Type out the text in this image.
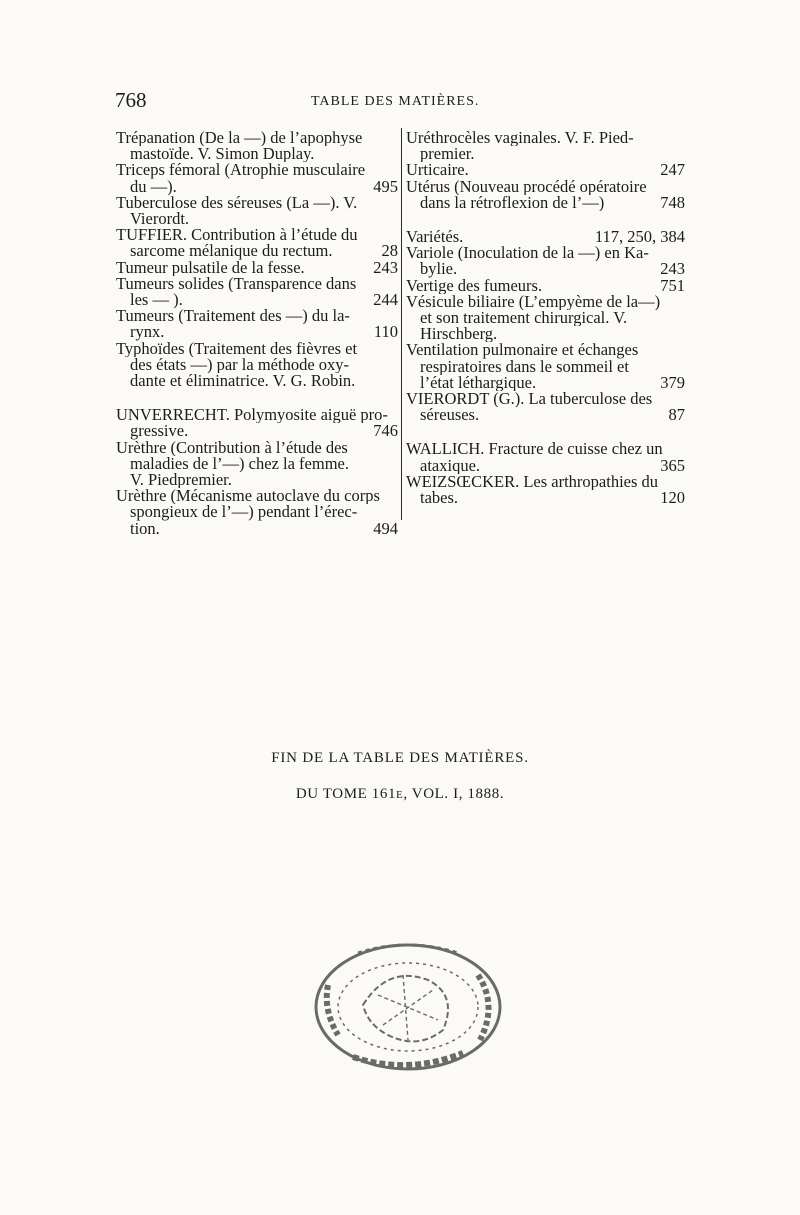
768	TABLE DES MATIÈRES.
Trépanation (De la —) de l’apophyse
mastoïde. V. Simon Duplay.
Triceps fémoral (Atrophie musculaire
du —).	495
Tuberculose des séreuses (La —). V.
Vierordt.
TUFFIER. Contribution à l’étude du
sarcome mélanique du rectum.	28
Tumeur pulsatile de la fesse.	243
Tumeurs solides (Transparence dans
les — ).	244
Tumeurs (Traitement des —) du la-
rynx.	110
Typhoïdes (Traitement des fièvres et
des états —) par la méthode oxy-
dante et éliminatrice. V. G. Robin.
UNVERRECHT. Polymyosite aiguë pro-
gressive.	746
Urèthre (Contribution à l’étude des
maladies de l’—) chez la femme.
V. Piedpremier.
Urèthre (Mécanisme autoclave du corps
spongieux de l’—) pendant l’érec-
tion.	494
Uréthrocèles vaginales. V. F. Pied-
premier.
Urticaire.	247
Utérus (Nouveau procédé opératoire
dans la rétroflexion de l’—)	748
Variétés.	117, 250, 384
Variole (Inoculation de la —) en Ka-
bylie.	243
Vertige des fumeurs.	751
Vésicule biliaire (L’empyème de la—)
et son traitement chirurgical. V.
Hirschberg.
Ventilation pulmonaire et échanges
respiratoires dans le sommeil et
l’état léthargique.	379
VIERORDT (G.). La tuberculose des
séreuses.	87
WALLICH. Fracture de cuisse chez un
ataxique.	365
WEIZSŒCKER. Les arthropathies du
tabes.	120
FIN DE LA TABLE DES MATIÈRES.
DU TOME 161e, VOL. I, 1888.
